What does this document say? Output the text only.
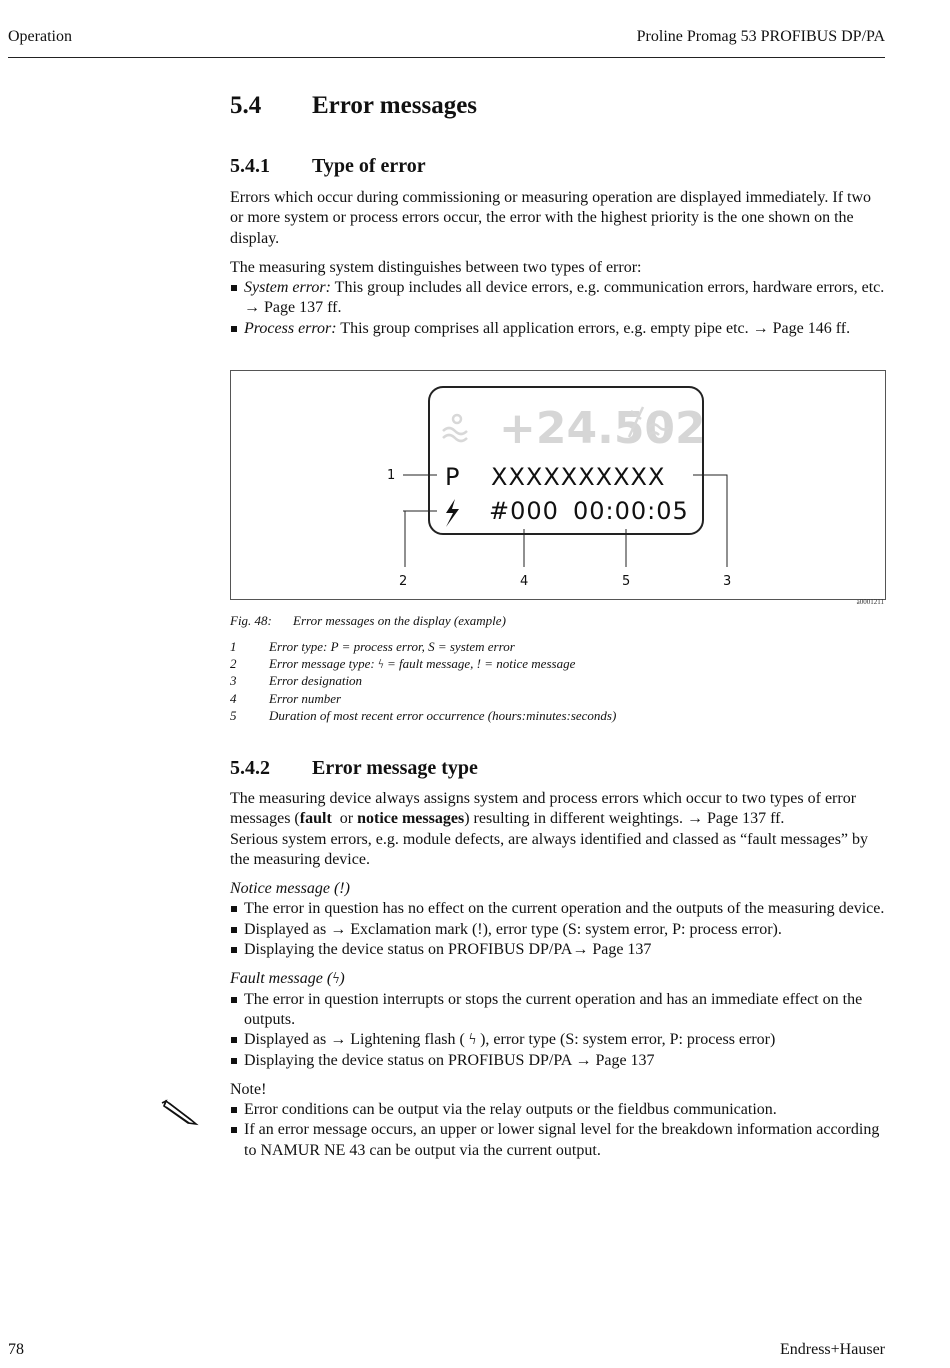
Operation	Proline Promag 53 PROFIBUS DP/PA
5.4 Error messages
5.4.1 Type of error

Errors which occur during commissioning or measuring operation are displayed immediately. If two or more system or process errors occur, the error with the highest priority is the one shown on the display.

The measuring system distinguishes between two types of error:

System error: This group includes all device errors, e.g. communication errors, hardware errors, etc. → Page 137 ff.
Process error: This group comprises all application errors, e.g. empty pipe etc. → Page 146 ff.
+24.502
P XXXXXXXXXX
#000 00:00:05
1
2	4	5	3
a0001211
Fig. 48: Error messages on the display (example)
1	Error type: P = process error, S = system error
2	Error message type: ϟ = fault message, ! = notice message
3	Error designation
4	Error number
5	Duration of most recent error occurrence (hours:minutes:seconds)
5.4.2 Error message type

The measuring device always assigns system and process errors which occur to two types of error messages (fault  or notice messages) resulting in different weightings. → Page 137 ff.

Serious system errors, e.g. module defects, are always identified and classed as “fault messages” by the measuring device.

Notice message (!)

The error in question has no effect on the current operation and the outputs of the measuring device.
Displayed as → Exclamation mark (!), error type (S: system error, P: process error).
Displaying the device status on PROFIBUS DP/PA→ Page 137

Fault message (ϟ)

The error in question interrupts or stops the current operation and has an immediate effect on the outputs.
Displayed as → Lightening flash ( ϟ ), error type (S: system error, P: process error)
Displaying the device status on PROFIBUS DP/PA → Page 137

Note!

Error conditions can be output via the relay outputs or the fieldbus communication.
If an error message occurs, an upper or lower signal level for the breakdown information according to NAMUR NE 43 can be output via the current output.
78	Endress+Hauser
